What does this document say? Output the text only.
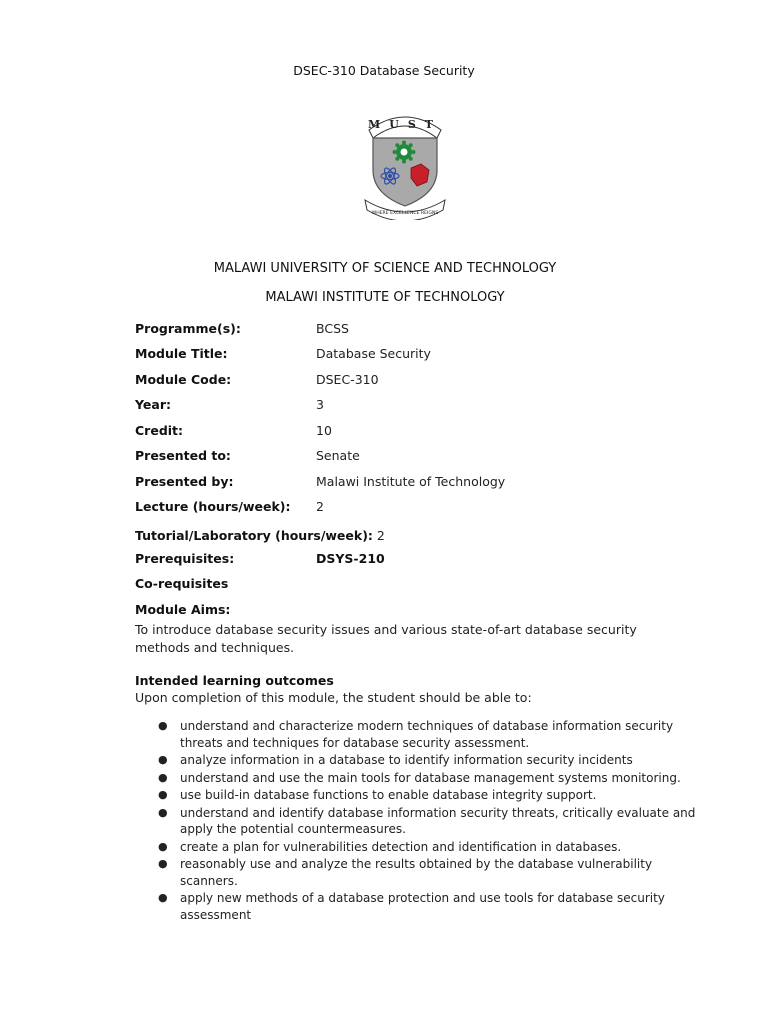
DSEC-310 Database Security
MUST
WHERE EXCELLENCE REIGNS
MALAWI UNIVERSITY OF SCIENCE AND TECHNOLOGY
MALAWI INSTITUTE OF TECHNOLOGY
Programme(s):	BCSS
Module Title:	Database Security
Module Code:	DSEC-310
Year:	3
Credit:	10
Presented to:	Senate
Presented by:	Malawi Institute of Technology
Lecture (hours/week): 2
Tutorial/Laboratory (hours/week): 2
Prerequisites:	DSYS-210
Co-requisites
Module Aims:
To introduce database security issues and various state-of-art database security methods and techniques.
Intended learning outcomes
Upon completion of this module, the student should be able to:
● understand and characterize modern techniques of database information security threats and techniques for database security assessment.
● analyze information in a database to identify information security incidents
● understand and use the main tools for database management systems monitoring.
● use build-in database functions to enable database integrity support.
● understand and identify database information security threats, critically evaluate and apply the potential countermeasures.
● create a plan for vulnerabilities detection and identification in databases.
● reasonably use and analyze the results obtained by the database vulnerability scanners.
● apply new methods of a database protection and use tools for database security assessment
